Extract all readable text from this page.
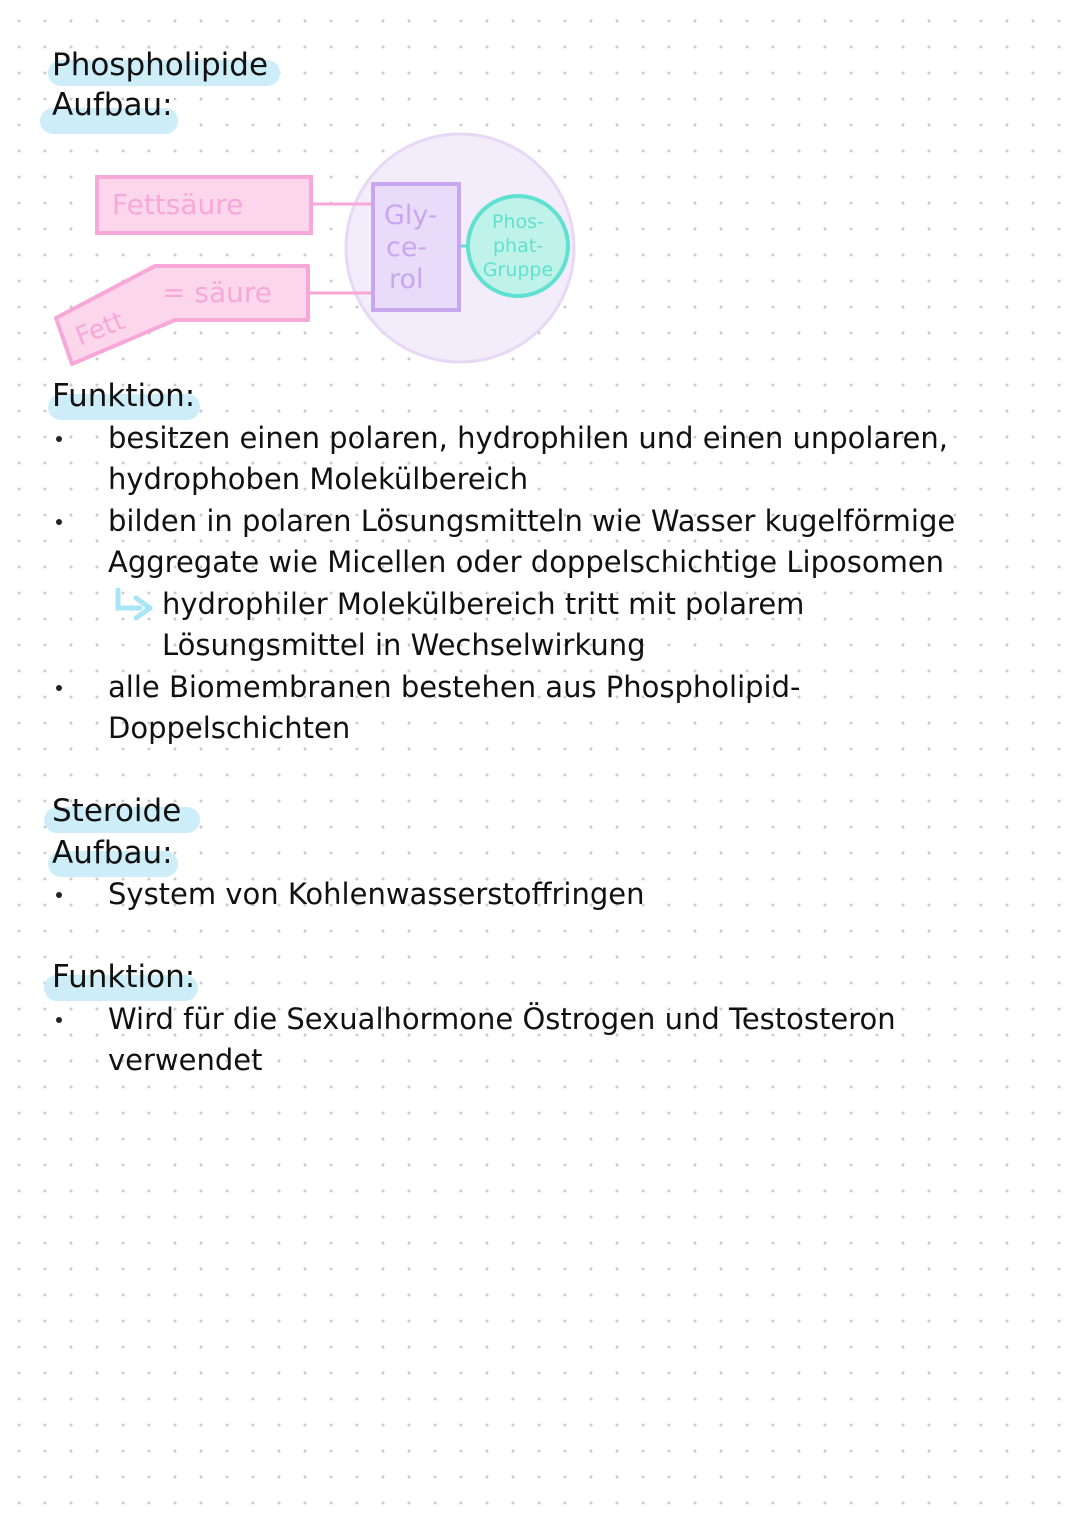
Phospholipide
Aufbau:
Fettsäure
Fett
= säure
Gly-
ce-
rol
Phos-
phat-
Gruppe
Funktion:
besitzen einen polaren, hydrophilen und einen unpolaren,
hydrophoben Molekülbereich
bilden in polaren Lösungsmitteln wie Wasser kugelförmige
Aggregate wie Micellen oder doppelschichtige Liposomen
hydrophiler Molekülbereich tritt mit polarem
Lösungsmittel in Wechselwirkung
alle Biomembranen bestehen aus Phospholipid-
Doppelschichten
Steroide
Aufbau:
System von Kohlenwasserstoffringen
Funktion:
Wird für die Sexualhormone Östrogen und Testosteron
verwendet
